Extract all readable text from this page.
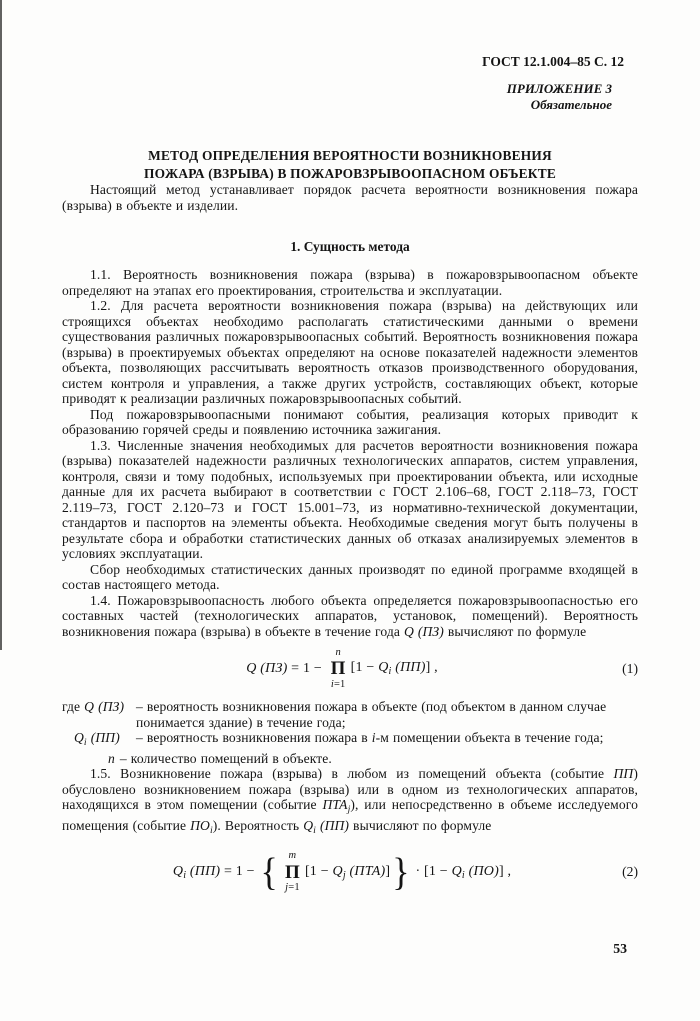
ГОСТ 12.1.004–85 С. 12
ПРИЛОЖЕНИЕ 3
Обязательное
МЕТОД ОПРЕДЕЛЕНИЯ ВЕРОЯТНОСТИ ВОЗНИКНОВЕНИЯ
ПОЖАРА (ВЗРЫВА) В ПОЖАРОВЗРЫВООПАСНОМ ОБЪЕКТЕ

Настоящий метод устанавливает порядок расчета вероятности возникновения пожара (взрыва) в объекте и изделии.

1. Сущность метода

1.1. Вероятность возникновения пожара (взрыва) в пожаровзрывоопасном объекте определяют на этапах его проектирования, строительства и эксплуатации.

1.2. Для расчета вероятности возникновения пожара (взрыва) на действующих или строящихся объектах необходимо располагать статистическими данными о времени существования различных пожаровзрывоопасных событий. Вероятность возникновения пожара (взрыва) в проектируемых объектах определяют на основе показателей надежности элементов объекта, позволяющих рассчитывать вероятность отказов производственного оборудования, систем контроля и управления, а также других устройств, составляющих объект, которые приводят к реализации различных пожаровзрывоопасных событий.

Под пожаровзрывоопасными понимают события, реализация которых приводит к образованию горячей среды и появлению источника зажигания.

1.3. Численные значения необходимых для расчетов вероятности возникновения пожара (взрыва) показателей надежности различных технологических аппаратов, систем управления, контроля, связи и тому подобных, используемых при проектировании объекта, или исходные данные для их расчета выбирают в соответствии с ГОСТ 2.106–68, ГОСТ 2.118–73, ГОСТ 2.119–73, ГОСТ 2.120–73 и ГОСТ 15.001–73, из нормативно-технической документации, стандартов и паспортов на элементы объекта. Необходимые сведения могут быть получены в результате сбора и обработки статистических данных об отказах анализируемых элементов в условиях эксплуатации.

Сбор необходимых статистических данных производят по единой программе входящей в состав настоящего метода.

1.4. Пожаровзрывоопасность любого объекта определяется пожаровзрывоопасностью его составных частей (технологических аппаратов, установок, помещений). Вероятность возникновения пожара (взрыва) в объекте в течение года Q (ПЗ) вычисляют по формуле

Q (ПЗ) = 1 −
n
П
i=1
[$1 - Q_i$ (ПП)] ,	(1)
где Q (ПЗ) – вероятность возникновения пожара в объекте (под объектом в данном случае понимается здание) в течение года;
$Q_i$ (ПП)	– вероятность возникновения пожара в i-м помещении объекта в течение года;
n – количество помещений в объекте.

1.5. Возникновение пожара (взрыва) в любом из помещений объекта (событие ПП) обусловлено возникновением пожара (взрыва) или в одном из технологических аппаратов, находящихся в этом помещении (событие $ПТА_j$), или непосредственно в объеме исследуемого помещения (событие $ПО_i$). Вероятность $Q_i$ (ПП) вычисляют по формуле

$Q_i$ (ПП) = 1 − { m
П
j=1
[$1 - Q_j$ (ПТА)] } · [$1 - Q_i$ (ПО)] ,	(2)
53
